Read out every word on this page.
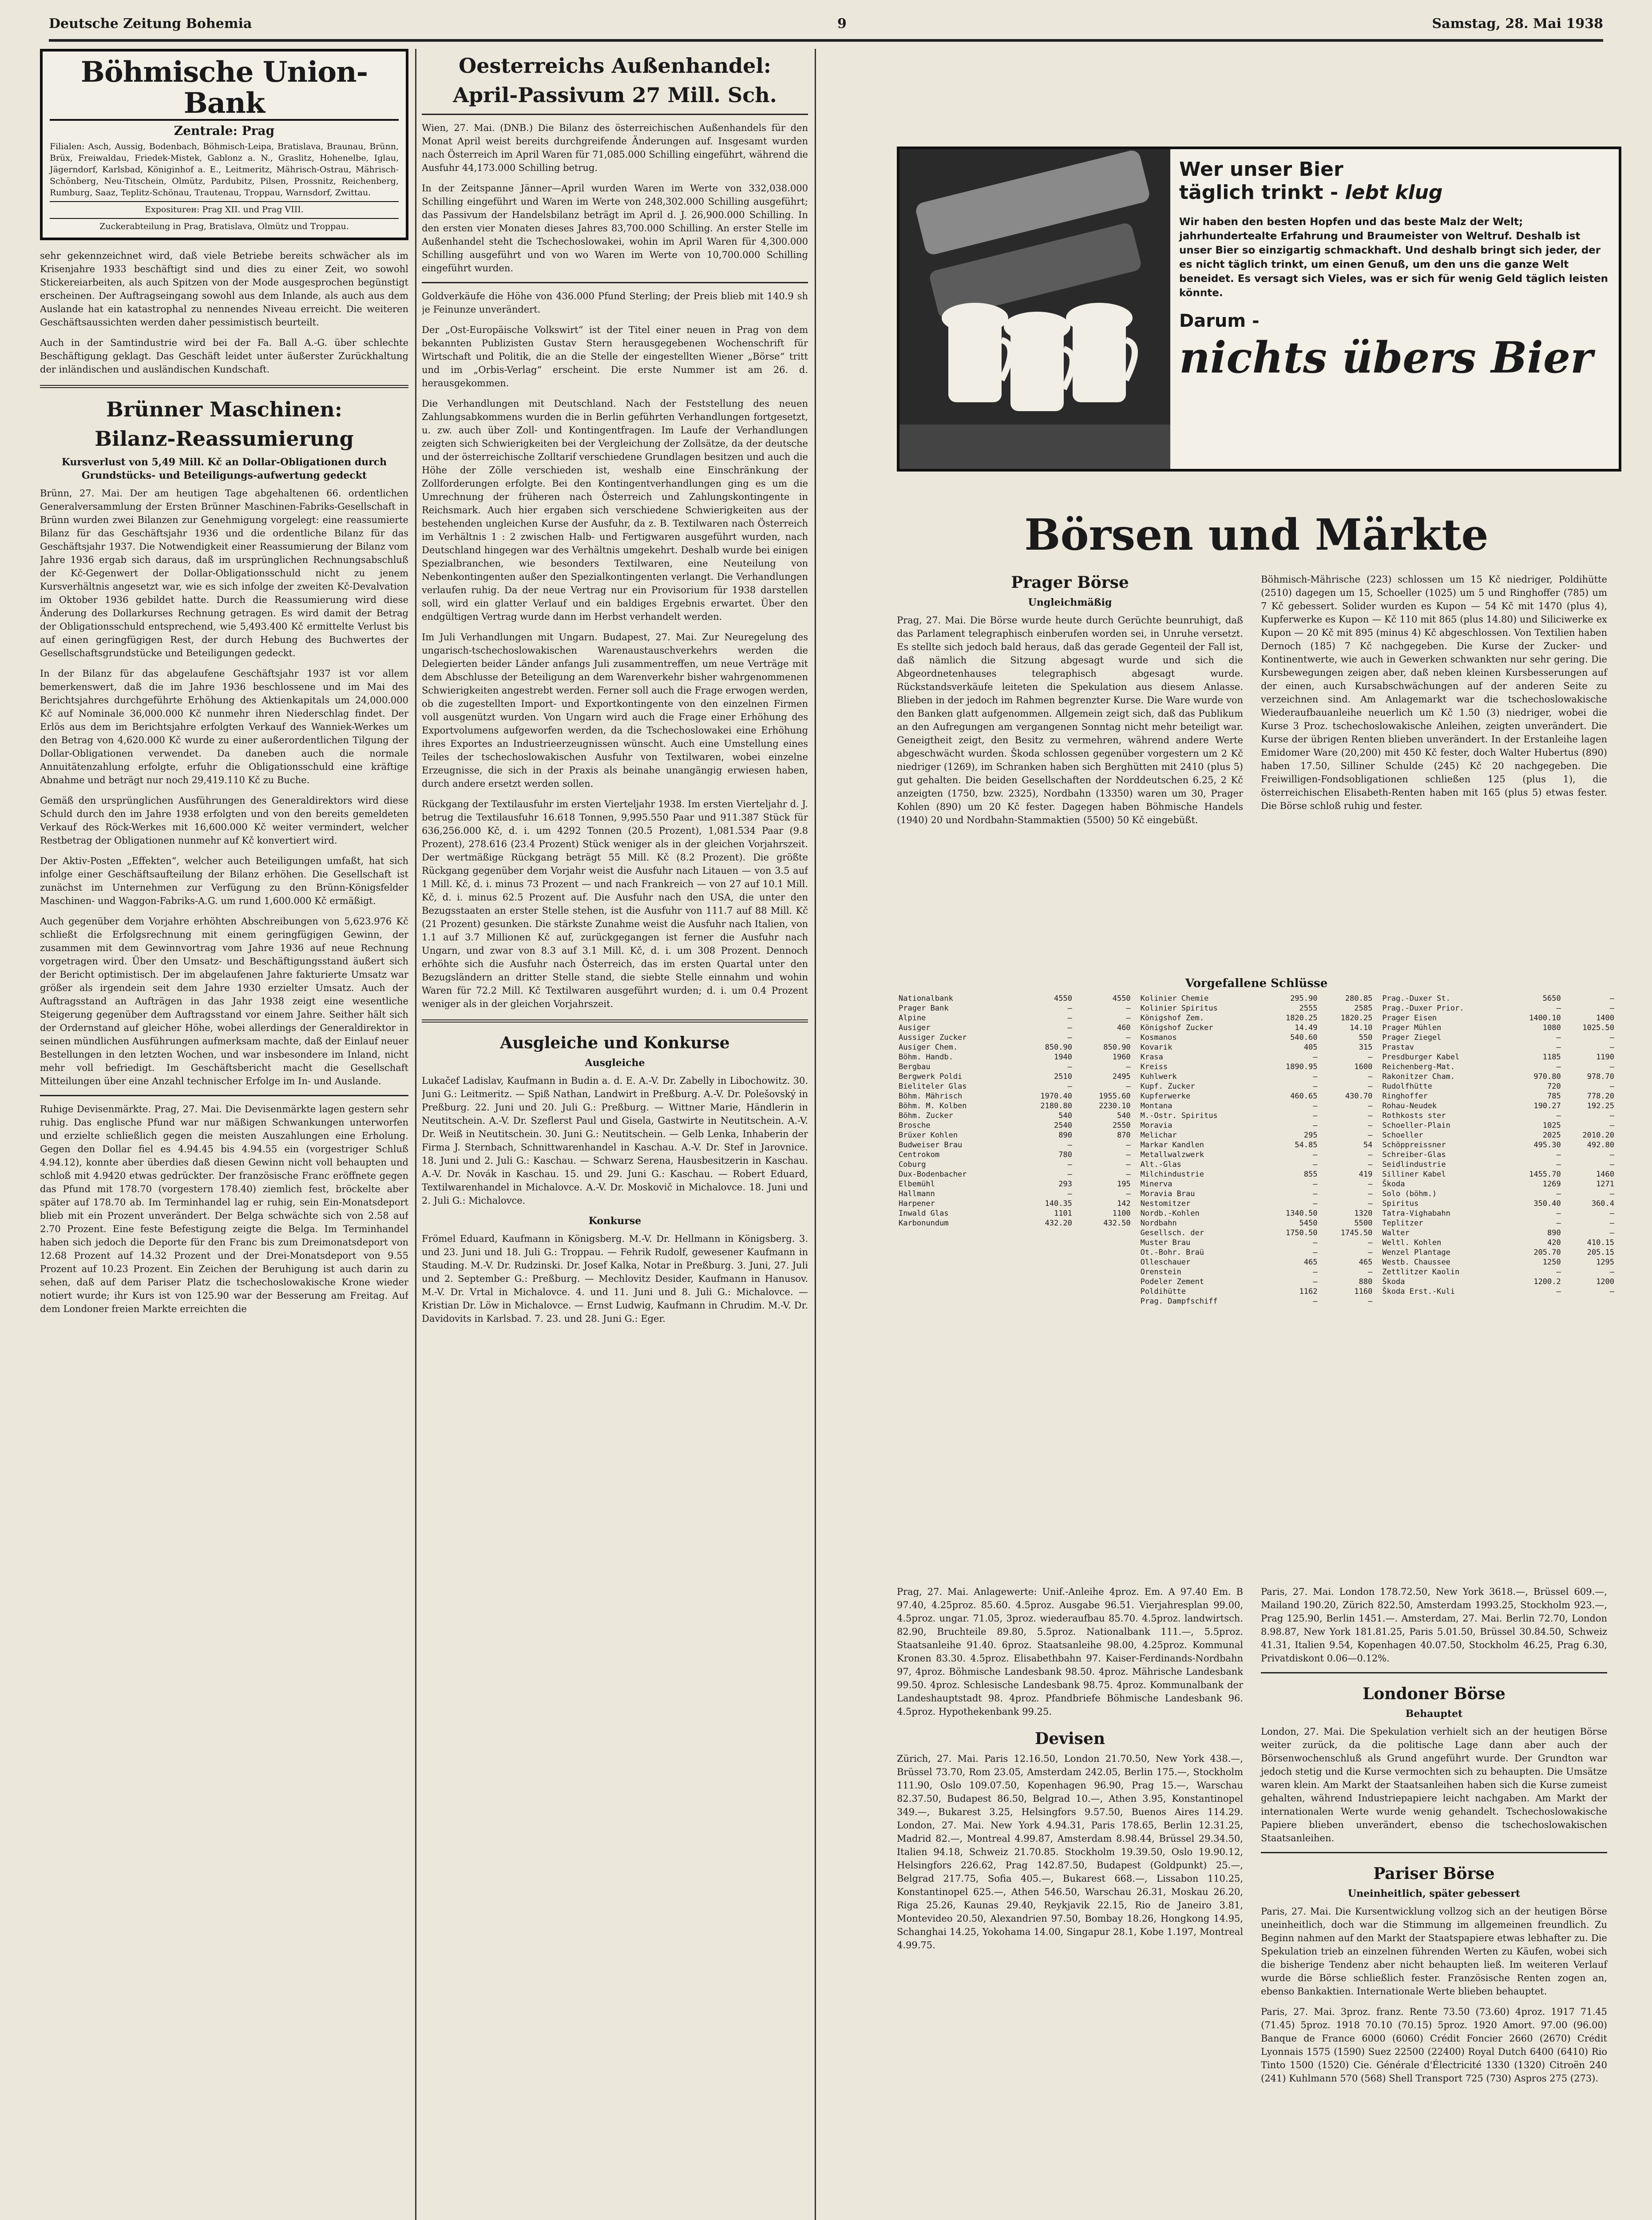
Deutsche Zeitung Bohemia	9	Samstag, 28. Mai 1938
Böhmische Union-Bank
Zentrale: Prag
Filialen: Asch, Aussig, Bodenbach, Böhmisch-Leipa, Bratislava, Braunau, Brünn, Brüx, Freiwaldau, Friedek-Mistek, Gablonz a. N., Graslitz, Hohenelbe, Iglau, Jägerndorf, Karlsbad, Königinhof a. E., Leitmeritz, Mährisch-Ostrau, Mährisch-Schönberg, Neu-Titschein, Olmütz, Pardubitz, Pilsen, Prossnitz, Reichenberg, Rumburg, Saaz, Teplitz-Schönau, Trautenau, Troppau, Warnsdorf, Zwittau.
Expositurен: Prag XII. und Prag VIII.
Zuckerabteilung in Prag, Bratislava, Olmütz und Troppau.

sehr gekennzeichnet wird, daß viele Betriebe bereits schwächer als im Krisenjahre 1933 beschäftigt sind und dies zu einer Zeit, wo sowohl Stickereiarbeiten, als auch Spitzen von der Mode ausgesprochen begünstigt erscheinen. Der Auftragseingang sowohl aus dem Inlande, als auch aus dem Auslande hat ein katastrophal zu nennendes Niveau erreicht. Die weiteren Geschäftsaussichten werden daher pessimistisch beurteilt.

Auch in der Samtindustrie wird bei der Fa. Ball A.-G. über schlechte Beschäftigung geklagt. Das Geschäft leidet unter äußerster Zurückhaltung der inländischen und ausländischen Kundschaft.

Brünner Maschinen:
Bilanz-Reassumierung
Kursverlust von 5,49 Mill. Kč an Dollar-Obligationen durch Grundstücks- und Beteiligungs-aufwertung gedeckt

Brünn, 27. Mai. Der am heutigen Tage abgehaltenen 66. ordentlichen Generalversammlung der Ersten Brünner Maschinen-Fabriks-Gesellschaft in Brünn wurden zwei Bilanzen zur Genehmigung vorgelegt: eine reassumierte Bilanz für das Geschäftsjahr 1936 und die ordentliche Bilanz für das Geschäftsjahr 1937. Die Notwendigkeit einer Reassumierung der Bilanz vom Jahre 1936 ergab sich daraus, daß im ursprünglichen Rechnungsabschluß der Kč-Gegenwert der Dollar-Obligationsschuld nicht zu jenem Kursverhältnis angesetzt war, wie es sich infolge der zweiten Kč-Devalvation im Oktober 1936 gebildet hatte. Durch die Reassumierung wird diese Änderung des Dollarkurses Rechnung getragen. Es wird damit der Betrag der Obligationsschuld entsprechend, wie 5,493.400 Kč ermittelte Verlust bis auf einen geringfügigen Rest, der durch Hebung des Buchwertes der Gesellschaftsgrundstücke und Beteiligungen gedeckt.

In der Bilanz für das abgelaufene Geschäftsjahr 1937 ist vor allem bemerkenswert, daß die im Jahre 1936 beschlossene und im Mai des Berichtsjahres durchgeführte Erhöhung des Aktienkapitals um 24,000.000 Kč auf Nominale 36,000.000 Kč nunmehr ihren Niederschlag findet. Der Erlös aus dem im Berichtsjahre erfolgten Verkauf des Wanniek-Werkes um den Betrag von 4,620.000 Kč wurde zu einer außerordentlichen Tilgung der Dollar-Obligationen verwendet. Da daneben auch die normale Annuitätenzahlung erfolgte, erfuhr die Obligationsschuld eine kräftige Abnahme und beträgt nur noch 29,419.110 Kč zu Buche.

Gemäß den ursprünglichen Ausführungen des Generaldirektors wird diese Schuld durch den im Jahre 1938 erfolgten und von den bereits gemeldeten Verkauf des Röck-Werkes mit 16,600.000 Kč weiter vermindert, welcher Restbetrag der Obligationen nunmehr auf Kč konvertiert wird.

Der Aktiv-Posten „Effekten“, welcher auch Beteiligungen umfaßt, hat sich infolge einer Geschäftsaufteilung der Bilanz erhöhen. Die Gesellschaft ist zunächst im Unternehmen zur Verfügung zu den Brünn-Königsfelder Maschinen- und Waggon-Fabriks-A.G. um rund 1,600.000 Kč ermäßigt.

Auch gegenüber dem Vorjahre erhöhten Abschreibungen von 5,623.976 Kč schließt die Erfolgsrechnung mit einem geringfügigen Gewinn, der zusammen mit dem Gewinnvortrag vom Jahre 1936 auf neue Rechnung vorgetragen wird. Über den Umsatz- und Beschäftigungsstand äußert sich der Bericht optimistisch. Der im abgelaufenen Jahre fakturierte Umsatz war größer als irgendein seit dem Jahre 1930 erzielter Umsatz. Auch der Auftragsstand an Aufträgen in das Jahr 1938 zeigt eine wesentliche Steigerung gegenüber dem Auftragsstand vor einem Jahre. Seither hält sich der Ordernstand auf gleicher Höhe, wobei allerdings der Generaldirektor in seinen mündlichen Ausführungen aufmerksam machte, daß der Einlauf neuer Bestellungen in den letzten Wochen, und war insbesondere im Inland, nicht mehr voll befriedigt. Im Geschäftsbericht macht die Gesellschaft Mitteilungen über eine Anzahl technischer Erfolge im In- und Auslande.

Ruhige Devisenmärkte. Prag, 27. Mai. Die Devisenmärkte lagen gestern sehr ruhig. Das englische Pfund war nur mäßigen Schwankungen unterworfen und erzielte schließlich gegen die meisten Auszahlungen eine Erholung. Gegen den Dollar fiel es 4.94.45 bis 4.94.55 ein (vorgestriger Schluß 4.94.12), konnte aber überdies daß diesen Gewinn nicht voll behaupten und schloß mit 4.9420 etwas gedrückter. Der französische Franc eröffnete gegen das Pfund mit 178.70 (vorgestern 178.40) ziemlich fest, bröckelte aber später auf 178.70 ab. Im Terminhandel lag er ruhig, sein Ein-Monatsdeport blieb mit ein Prozent unverändert. Der Belga schwächte sich von 2.58 auf 2.70 Prozent. Eine feste Befestigung zeigte die Belga. Im Terminhandel haben sich jedoch die Deporte für den Franc bis zum Dreimonatsdeport von 12.68 Prozent auf 14.32 Prozent und der Drei-Monatsdeport von 9.55 Prozent auf 10.23 Prozent. Ein Zeichen der Beruhigung ist auch darin zu sehen, daß auf dem Pariser Platz die tschechoslowakische Krone wieder notiert wurde; ihr Kurs ist von 125.90 war der Besserung am Freitag. Auf dem Londoner freien Markte erreichten die

Oesterreichs Außenhandel:
April-Passivum 27 Mill. Sch.

Wien, 27. Mai. (DNB.) Die Bilanz des österreichischen Außenhandels für den Monat April weist bereits durchgreifende Änderungen auf. Insgesamt wurden nach Österreich im April Waren für 71,085.000 Schilling eingeführt, während die Ausfuhr 44,173.000 Schilling betrug.

In der Zeitspanne Jänner—April wurden Waren im Werte von 332,038.000 Schilling eingeführt und Waren im Werte von 248,302.000 Schilling ausgeführt; das Passivum der Handelsbilanz beträgt im April d. J. 26,900.000 Schilling. In den ersten vier Monaten dieses Jahres 83,700.000 Schilling. An erster Stelle im Außenhandel steht die Tschechoslowakei, wohin im April Waren für 4,300.000 Schilling ausgeführt und von wo Waren im Werte von 10,700.000 Schilling eingeführt wurden.

Goldverkäufe die Höhe von 436.000 Pfund Sterling; der Preis blieb mit 140.9 sh je Feinunze unverändert.

Der „Ost-Europäische Volkswirt“ ist der Titel einer neuen in Prag von dem bekannten Publizisten Gustav Stern herausgegebenen Wochenschrift für Wirtschaft und Politik, die an die Stelle der eingestellten Wiener „Börse“ tritt und im „Orbis-Verlag“ erscheint. Die erste Nummer ist am 26. d. herausgekommen.

Die Verhandlungen mit Deutschland. Nach der Feststellung des neuen Zahlungsabkommens wurden die in Berlin geführten Verhandlungen fortgesetzt, u. zw. auch über Zoll- und Kontingentfragen. Im Laufe der Verhandlungen zeigten sich Schwierigkeiten bei der Vergleichung der Zollsätze, da der deutsche und der österreichische Zolltarif verschiedene Grundlagen besitzen und auch die Höhe der Zölle verschieden ist, weshalb eine Einschränkung der Zollforderungen erfolgte. Bei den Kontingentverhandlungen ging es um die Umrechnung der früheren nach Österreich und Zahlungskontingente in Reichsmark. Auch hier ergaben sich verschiedene Schwierigkeiten aus der bestehenden ungleichen Kurse der Ausfuhr, da z. B. Textilwaren nach Österreich im Verhältnis 1 : 2 zwischen Halb- und Fertigwaren ausgeführt wurden, nach Deutschland hingegen war des Verhältnis umgekehrt. Deshalb wurde bei einigen Spezialbranchen, wie besonders Textilwaren, eine Neuteilung von Nebenkontingenten außer den Spezialkontingenten verlangt. Die Verhandlungen verlaufen ruhig. Da der neue Vertrag nur ein Provisorium für 1938 darstellen soll, wird ein glatter Verlauf und ein baldiges Ergebnis erwartet. Über den endgültigen Vertrag wurde dann im Herbst verhandelt werden.

Im Juli Verhandlungen mit Ungarn. Budapest, 27. Mai. Zur Neuregelung des ungarisch-tschechoslowakischen Warenaustauschverkehrs werden die Delegierten beider Länder anfangs Juli zusammentreffen, um neue Verträge mit dem Abschlusse der Beteiligung an dem Warenverkehr bisher wahrgenommenen Schwierigkeiten angestrebt werden. Ferner soll auch die Frage erwogen werden, ob die zugestellten Import- und Exportkontingente von den einzelnen Firmen voll ausgenützt wurden. Von Ungarn wird auch die Frage einer Erhöhung des Exportvolumens aufgeworfen werden, da die Tschechoslowakei eine Erhöhung ihres Exportes an Industrieerzeugnissen wünscht. Auch eine Umstellung eines Teiles der tschechoslowakischen Ausfuhr von Textilwaren, wobei einzelne Erzeugnisse, die sich in der Praxis als beinahe unangängig erwiesen haben, durch andere ersetzt werden sollen.

Rückgang der Textilausfuhr im ersten Vierteljahr 1938. Im ersten Vierteljahr d. J. betrug die Textilausfuhr 16.618 Tonnen, 9,995.550 Paar und 911.387 Stück für 636,256.000 Kč, d. i. um 4292 Tonnen (20.5 Prozent), 1,081.534 Paar (9.8 Prozent), 278.616 (23.4 Prozent) Stück weniger als in der gleichen Vorjahrszeit. Der wertmäßige Rückgang beträgt 55 Mill. Kč (8.2 Prozent). Die größte Rückgang gegenüber dem Vorjahr weist die Ausfuhr nach Litauen — von 3.5 auf 1 Mill. Kč, d. i. minus 73 Prozent — und nach Frankreich — von 27 auf 10.1 Mill. Kč, d. i. minus 62.5 Prozent auf. Die Ausfuhr nach den USA, die unter den Bezugsstaaten an erster Stelle stehen, ist die Ausfuhr von 111.7 auf 88 Mill. Kč (21 Prozent) gesunken. Die stärkste Zunahme weist die Ausfuhr nach Italien, von 1.1 auf 3.7 Millionen Kč auf, zurückgegangen ist ferner die Ausfuhr nach Ungarn, und zwar von 8.3 auf 3.1 Mill. Kč, d. i. um 308 Prozent. Dennoch erhöhte sich die Ausfuhr nach Österreich, das im ersten Quartal unter den Bezugsländern an dritter Stelle stand, die siebte Stelle einnahm und wohin Waren für 72.2 Mill. Kč Textilwaren ausgeführt wurden; d. i. um 0.4 Prozent weniger als in der gleichen Vorjahrszeit.

Ausgleiche und Konkurse
Ausgleiche

Lukačef Ladislav, Kaufmann in Budin a. d. E. A.-V. Dr. Zabelly in Libochowitz. 30. Juni G.: Leitmeritz. — Spiß Nathan, Landwirt in Preßburg. A.-V. Dr. Polešovský in Preßburg. 22. Juni und 20. Juli G.: Preßburg. — Wittner Marie, Händlerin in Neutitschein. A.-V. Dr. Szeflerst Paul und Gisela, Gastwirte in Neutitschein. A.-V. Dr. Weiß in Neutitschein. 30. Juni G.: Neutitschein. — Gelb Lenka, Inhaberin der Firma J. Sternbach, Schnittwarenhandel in Kaschau. A.-V. Dr. Stef in Jarovnice. 18. Juni und 2. Juli G.: Kaschau. — Schwarz Serena, Hausbesitzerin in Kaschau. A.-V. Dr. Novák in Kaschau. 15. und 29. Juni G.: Kaschau. — Robert Eduard, Textilwarenhandel in Michalovce. A.-V. Dr. Moskovič in Michalovce. 18. Juni und 2. Juli G.: Michalovce.

Konkurse

Frömel Eduard, Kaufmann in Königsberg. M.-V. Dr. Hellmann in Königsberg. 3. und 23. Juni und 18. Juli G.: Troppau. — Fehrik Rudolf, gewesener Kaufmann in Stauding. M.-V. Dr. Rudzinski. Dr. Josef Kalka, Notar in Preßburg. 3. Juni, 27. Juli und 2. September G.: Preßburg. — Mechlovitz Desider, Kaufmann in Hanusov. M.-V. Dr. Vrtal in Michalovce. 4. und 11. Juni und 8. Juli G.: Michalovce. — Kristian Dr. Löw in Michalovce. — Ernst Ludwig, Kaufmann in Chrudim. M.-V. Dr. Davidovits in Karlsbad. 7. 23. und 28. Juni G.: Eger.

Wer unser Bier
täglich trinkt - lebt klug
Wir haben den besten Hopfen und das beste Malz der Welt; jahrhundertealte Erfahrung und Braumeister von Weltruf. Deshalb ist unser Bier so einzigartig schmackhaft. Und deshalb bringt sich jeder, der es nicht täglich trinkt, um einen Genuß, um den uns die ganze Welt beneidet. Es versagt sich Vieles, was er sich für wenig Geld täglich leisten könnte.
Darum -
nichts übers Bier
Börsen und Märkte
Prager Börse
Ungleichmäßig

Prag, 27. Mai. Die Börse wurde heute durch Gerüchte beunruhigt, daß das Parlament telegraphisch einberufen worden sei, in Unruhe versetzt. Es stellte sich jedoch bald heraus, daß das gerade Gegenteil der Fall ist, daß nämlich die Sitzung abgesagt wurde und sich die Abgeordnetenhauses telegraphisch abgesagt wurde. Rückstandsverkäufe leiteten die Spekulation aus diesem Anlasse. Blieben in der jedoch im Rahmen begrenzter Kurse. Die Ware wurde von den Banken glatt aufgenommen. Allgemein zeigt sich, daß das Publikum an den Aufregungen am vergangenen Sonntag nicht mehr beteiligt war. Geneigtheit zeigt, den Besitz zu vermehren, während andere Werte abgeschwächt wurden. Škoda schlossen gegenüber vorgestern um 2 Kč niedriger (1269), im Schranken haben sich Berghütten mit 2410 (plus 5) gut gehalten. Die beiden Gesellschaften der Norddeutschen 6.25, 2 Kč anzeigten (1750, bzw. 2325), Nordbahn (13350) waren um 30, Prager Kohlen (890) um 20 Kč fester. Dagegen haben Böhmische Handels (1940) 20 und Nordbahn-Stammaktien (5500) 50 Kč eingebüßt.

Böhmisch-Mährische (223) schlossen um 15 Kč niedriger, Poldihütte (2510) dagegen um 15, Schoeller (1025) um 5 und Ringhoffer (785) um 7 Kč gebessert. Solider wurden es Kupon — 54 Kč mit 1470 (plus 4), Kupferwerke es Kupon — Kč 110 mit 865 (plus 14.80) und Siliciwerke ex Kupon — 20 Kč mit 895 (minus 4) Kč abgeschlossen. Von Textilien haben Dernoch (185) 7 Kč nachgegeben. Die Kurse der Zucker- und Kontinentwerte, wie auch in Gewerken schwankten nur sehr gering. Die Kursbewegungen zeigen aber, daß neben kleinen Kursbesserungen auf der einen, auch Kursabschwächungen auf der anderen Seite zu verzeichnen sind. Am Anlagemarkt war die tschechoslowakische Wiederaufbauanleihe neuerlich um Kč 1.50 (3) niedriger, wobei die Kurse 3 Proz. tschechoslowakische Anleihen, zeigten unverändert. Die Kurse der übrigen Renten blieben unverändert. In der Erstanleihe lagen Emidomer Ware (20,200) mit 450 Kč fester, doch Walter Hubertus (890) haben 17.50, Silliner Schulde (245) Kč 20 nachgegeben. Die Freiwilligen-Fondsobligationen schließen 125 (plus 1), die österreichischen Elisabeth-Renten haben mit 165 (plus 5) etwas fester. Die Börse schloß ruhig und fester.

Vorgefallene Schlüsse
Nationalbank	4550	4550
Prager Bank	—	—
Alpine	—	—
Ausiger	—	460
Aussiger Zucker	—	—
Ausiger Chem.	850.90	850.90
Böhm. Handb.	1940	1960
Bergbau	—	—
Bergwerk Poldi	2510	2495
Bieliteler Glas	—	—
Böhm. Mährisch	1970.40	1955.60
Böhm. M. Kolben	2180.80	2230.10
Böhm. Zucker	540	540
Brosche	2540	2550
Brüxer Kohlen	890	870
Budweiser Brau	—	—
Centrokom	780	—
Coburg	—	—
Dux-Bodenbacher	—	—
Elbemühl	293	195
Hallmann	—	—
Harpener	140.35	142
Inwald Glas	1101	1100
Karbonundum	432.20	432.50
Kolinier Chemie	295.90	280.85
Kolinier Spiritus	2555	2585
Königshof Zem.	1820.25	1820.25
Königshof Zucker	14.49	14.10
Kosmanos	540.60	550
Kovarik	405	315
Krasa	—	—
Kreiss	1890.95	1600
Kuhlwerk	—	—
Kupf. Zucker	—	—
Kupferwerke	460.65	430.70
Montana	—	—
M.-Ostr. Spiritus	—	—
Moravia	—	—
Melichar	295	—
Markar Kandlen	54.85	54
Metallwalzwerk	—	—
Alt.-Glas	—	—
Milchindustrie	855	419
Minerva	—	—
Moravia Brau	—	—
Nestomitzer	—	—
Nordb.-Kohlen	1340.50	1320
Nordbahn	5450	5500
Gesellsch. der	1750.50	1745.50
Muster Brau	—	—
Ot.-Bohr. Braü	—	—
Olleschauer	465	465
Orenstein	—	—
Podeler Zement	—	880
Poldihütte	1162	1160
Prag. Dampfschiff	—	—
Prag.-Duxer St.	5650	—
Prag.-Duxer Prior.	—	—
Prager Eisen	1400.10	1400
Prager Mühlen	1080	1025.50
Prager Ziegel	—	—
Prastav	—	—
Presdburger Kabel	1185	1190
Reichenberg-Mat.	—	—
Rakonitzer Cham.	970.80	978.70
Rudolfhütte	720	—
Ringhoffer	785	778.20
Rohau-Neudek	190.27	192.25
Rothkosts ster	—	—
Schoeller-Plain	1025	—
Schoeller	2025	2010.20
Schöppreissner	495.30	492.80
Schreiber-Glas	—	—
Seidlindustrie	—	—
Silliner Kabel	1455.70	1460
Škoda	1269	1271
Solo (böhm.)	—	—
Spiritus	350.40	360.4
Tatra-Vighabahn	—	—
Teplitzer	—	—
Walter	890	—
Weltl. Kohlen	420	410.15
Wenzel Plantage	205.70	205.15
Westb. Chaussee	1250	1295
Zettlitzer Kaolin	—	—
Škoda	1200.2	1200
Škoda Erst.-Kuli	—	—

Prag, 27. Mai. Anlagewerte: Unif.-Anleihe 4proz. Em. A 97.40 Em. B 97.40, 4.25proz. 85.60. 4.5proz. Ausgabe 96.51. Vierjahresplan 99.00, 4.5proz. ungar. 71.05, 3proz. wiederaufbau 85.70. 4.5proz. landwirtsch. 82.90, Bruchteile 89.80, 5.5proz. Nationalbank 111.—, 5.5proz. Staatsanleihe 91.40. 6proz. Staatsanleihe 98.00, 4.25proz. Kommunal Kronen 83.30. 4.5proz. Elisabethbahn 97. Kaiser-Ferdinands-Nordbahn 97, 4proz. Böhmische Landesbank 98.50. 4proz. Mährische Landesbank 99.50. 4proz. Schlesische Landesbank 98.75. 4proz. Kommunalbank der Landeshauptstadt 98. 4proz. Pfandbriefe Böhmische Landesbank 96. 4.5proz. Hypothekenbank 99.25.

Devisen

Zürich, 27. Mai. Paris 12.16.50, London 21.70.50, New York 438.—, Brüssel 73.70, Rom 23.05, Amsterdam 242.05, Berlin 175.—, Stockholm 111.90, Oslo 109.07.50, Kopenhagen 96.90, Prag 15.—, Warschau 82.37.50, Budapest 86.50, Belgrad 10.—, Athen 3.95, Konstantinopel 349.—, Bukarest 3.25, Helsingfors 9.57.50, Buenos Aires 114.29. London, 27. Mai. New York 4.94.31, Paris 178.65, Berlin 12.31.25, Madrid 82.—, Montreal 4.99.87, Amsterdam 8.98.44, Brüssel 29.34.50, Italien 94.18, Schweiz 21.70.85. Stockholm 19.39.50, Oslo 19.90.12, Helsingfors 226.62, Prag 142.87.50, Budapest (Goldpunkt) 25.—, Belgrad 217.75, Sofia 405.—, Bukarest 668.—, Lissabon 110.25, Konstantinopel 625.—, Athen 546.50, Warschau 26.31, Moskau 26.20, Riga 25.26, Kaunas 29.40, Reykjavik 22.15, Rio de Janeiro 3.81, Montevideo 20.50, Alexandrien 97.50, Bombay 18.26, Hongkong 14.95, Schanghai 14.25, Yokohama 14.00, Singapur 28.1, Kobe 1.197, Montreal 4.99.75.

Paris, 27. Mai. London 178.72.50, New York 3618.—, Brüssel 609.—, Mailand 190.20, Zürich 822.50, Amsterdam 1993.25, Stockholm 923.—, Prag 125.90, Berlin 1451.—. Amsterdam, 27. Mai. Berlin 72.70, London 8.98.87, New York 181.81.25, Paris 5.01.50, Brüssel 30.84.50, Schweiz 41.31, Italien 9.54, Kopenhagen 40.07.50, Stockholm 46.25, Prag 6.30, Privatdiskont 0.06—0.12%.

Londoner Börse
Behauptet

London, 27. Mai. Die Spekulation verhielt sich an der heutigen Börse weiter zurück, da die politische Lage dann aber auch der Börsenwochenschluß als Grund angeführt wurde. Der Grundton war jedoch stetig und die Kurse vermochten sich zu behaupten. Die Umsätze waren klein. Am Markt der Staatsanleihen haben sich die Kurse zumeist gehalten, während Industriepapiere leicht nachgaben. Am Markt der internationalen Werte wurde wenig gehandelt. Tschechoslowakische Papiere blieben unverändert, ebenso die tschechoslowakischen Staatsanleihen.

Pariser Börse
Uneinheitlich, später gebessert

Paris, 27. Mai. Die Kursentwicklung vollzog sich an der heutigen Börse uneinheitlich, doch war die Stimmung im allgemeinen freundlich. Zu Beginn nahmen auf den Markt der Staatspapiere etwas lebhafter zu. Die Spekulation trieb an einzelnen führenden Werten zu Käufen, wobei sich die bisherige Tendenz aber nicht behaupten ließ. Im weiteren Verlauf wurde die Börse schließlich fester. Französische Renten zogen an, ebenso Bankaktien. Internationale Werte blieben behauptet.

Paris, 27. Mai. 3proz. franz. Rente 73.50 (73.60) 4proz. 1917 71.45 (71.45) 5proz. 1918 70.10 (70.15) 5proz. 1920 Amort. 97.00 (96.00) Banque de France 6000 (6060) Crédit Foncier 2660 (2670) Crédit Lyonnais 1575 (1590) Suez 22500 (22400) Royal Dutch 6400 (6410) Rio Tinto 1500 (1520) Cie. Générale d'Électricité 1330 (1320) Citroën 240 (241) Kuhlmann 570 (568) Shell Transport 725 (730) Aspros 275 (273).
